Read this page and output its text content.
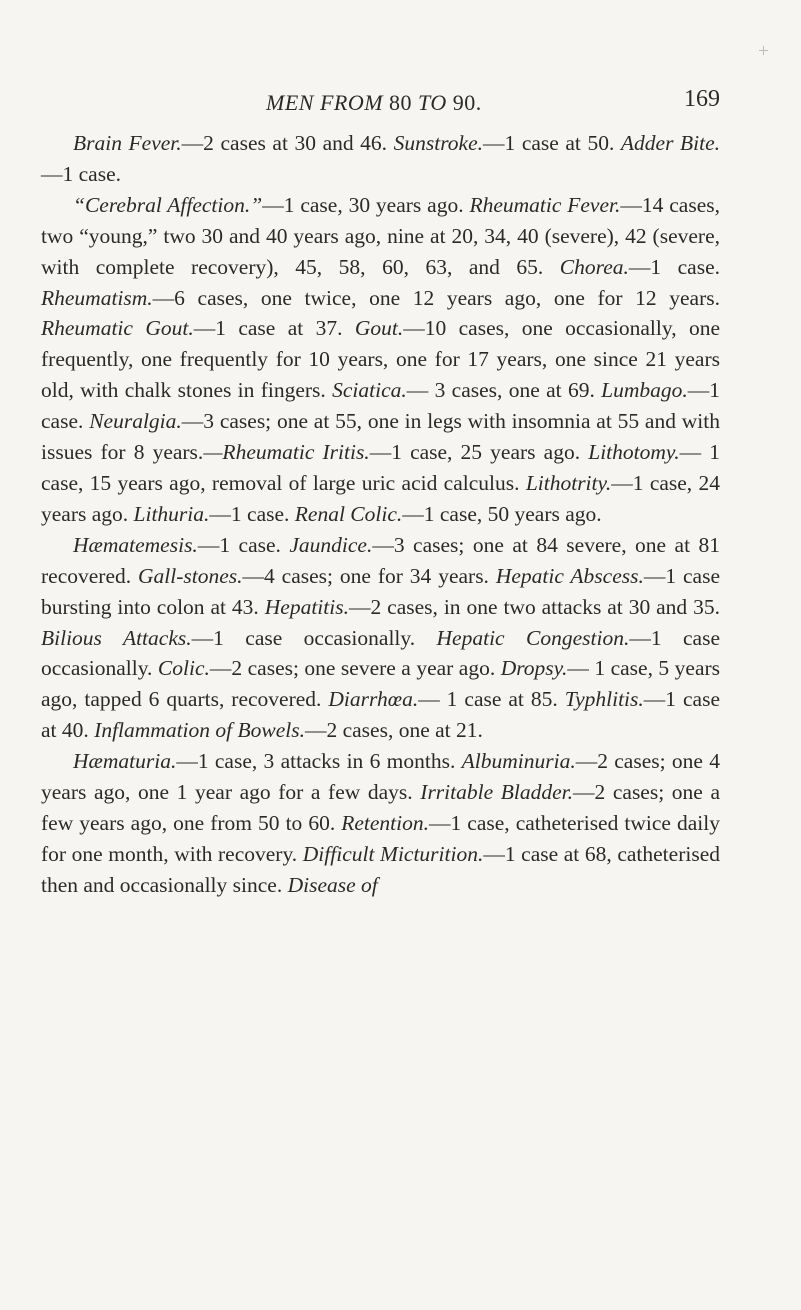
MEN FROM 80 TO 90.	169

Brain Fever.—2 cases at 30 and 46. Sunstroke.—1 case at 50. Adder Bite.—1 case.

“Cerebral Affection.”—1 case, 30 years ago. Rheumatic Fever.—14 cases, two “young,” two 30 and 40 years ago, nine at 20, 34, 40 (severe), 42 (severe, with complete recovery), 45, 58, 60, 63, and 65. Chorea.—1 case. Rheumatism.—6 cases, one twice, one 12 years ago, one for 12 years. Rheumatic Gout.—1 case at 37. Gout.—10 cases, one occasionally, one frequently, one frequently for 10 years, one for 17 years, one since 21 years old, with chalk stones in fingers. Sciatica.— 3 cases, one at 69. Lumbago.—1 case. Neuralgia.—3 cases; one at 55, one in legs with insomnia at 55 and with issues for 8 years.—Rheumatic Iritis.—1 case, 25 years ago. Lithotomy.— 1 case, 15 years ago, removal of large uric acid calculus. Lithotrity.—1 case, 24 years ago. Lithuria.—1 case. Renal Colic.—1 case, 50 years ago.

Hæmatemesis.—1 case. Jaundice.—3 cases; one at 84 severe, one at 81 recovered. Gall-stones.—4 cases; one for 34 years. Hepatic Abscess.—1 case bursting into colon at 43. Hepatitis.—2 cases, in one two attacks at 30 and 35. Bilious Attacks.—1 case occasionally. Hepatic Congestion.—1 case occasionally. Colic.—2 cases; one severe a year ago. Dropsy.— 1 case, 5 years ago, tapped 6 quarts, recovered. Diarrhœa.— 1 case at 85. Typhlitis.—1 case at 40. Inflammation of Bowels.—2 cases, one at 21.

Hæmaturia.—1 case, 3 attacks in 6 months. Albuminuria.—2 cases; one 4 years ago, one 1 year ago for a few days. Irritable Bladder.—2 cases; one a few years ago, one from 50 to 60. Retention.—1 case, catheterised twice daily for one month, with recovery. Difficult Micturition.—1 case at 68, catheterised then and occasionally since. Disease of
